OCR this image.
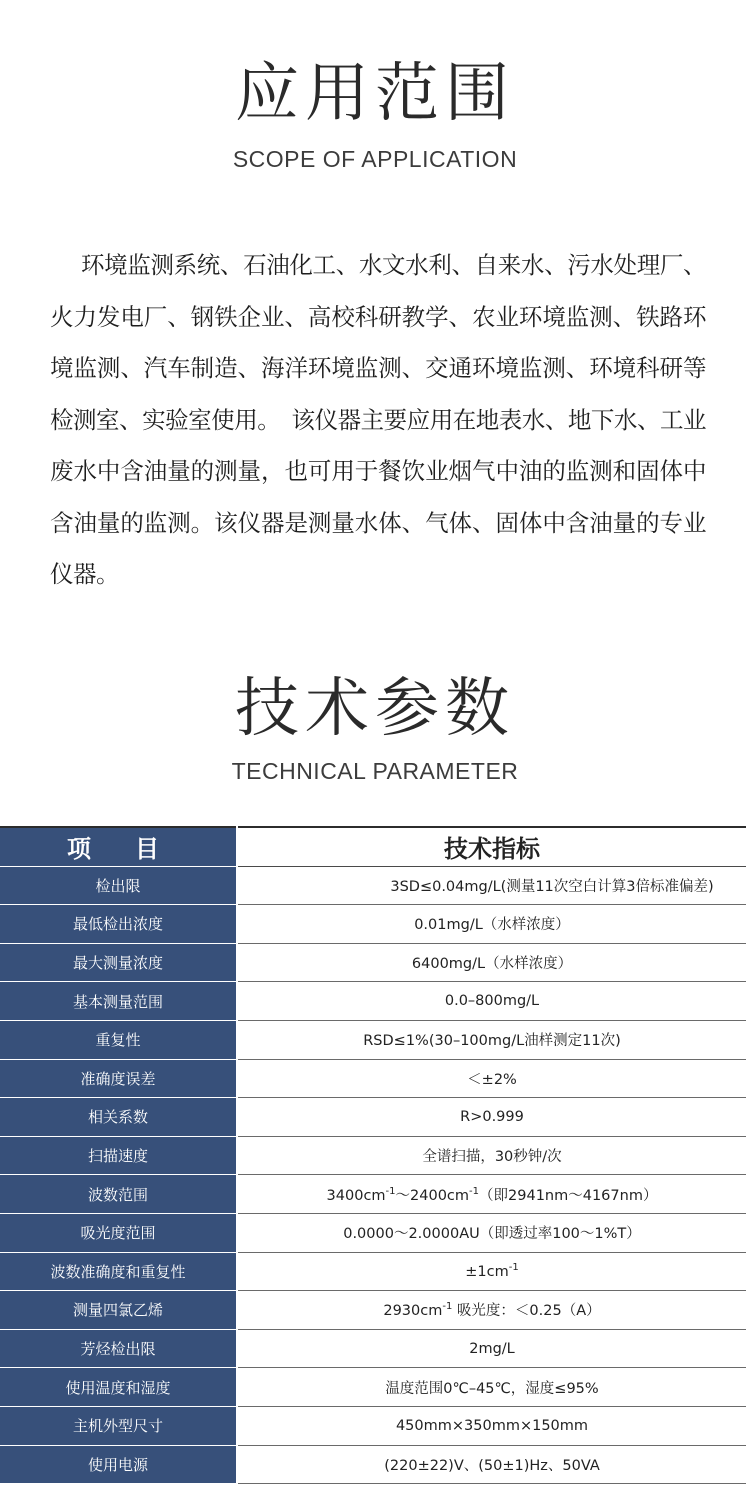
应用范围
SCOPE OF APPLICATION

环境监测系统、石油化工、水文水利、自来水、污水处理厂、火力发电厂、钢铁企业、高校科研教学、农业环境监测、铁路环境监测、汽车制造、海洋环境监测、交通环境监测、环境科研等检测室、实验室使用。　该仪器主要应用在地表水、地下水、工业废水中含油量的测量，也可用于餐饮业烟气中油的监测和固体中含油量的监测。该仪器是测量水体、气体、固体中含油量的专业仪器。

技术参数
TECHNICAL PARAMETER
项　目	技术指标
检出限	3SD≤0.04mg/L(测量11次空白计算3倍标准偏差)
最低检出浓度	0.01mg/L（水样浓度）
最大测量浓度	6400mg/L（水样浓度）
基本测量范围	0.0–800mg/L
重复性	RSD≤1%(30–100mg/L油样测定11次)
准确度误差	＜±2%
相关系数	R>0.999
扫描速度	全谱扫描，30秒钟/次
波数范围	$3400cm^{-1}\sim 2400cm^{-1}$（即2941nm～4167nm）
吸光度范围	0.0000～2.0000AU（即透过率100～1%T）
波数准确度和重复性	$\pm 1cm^{-1}$
测量四氯乙烯	$2930cm^{-1}$ 吸光度：＜0.25（A）
芳烃检出限	2mg/L
使用温度和湿度	温度范围0℃–45℃，湿度≤95%
主机外型尺寸	450mm×350mm×150mm
使用电源	(220±22)V、(50±1)Hz、50VA
